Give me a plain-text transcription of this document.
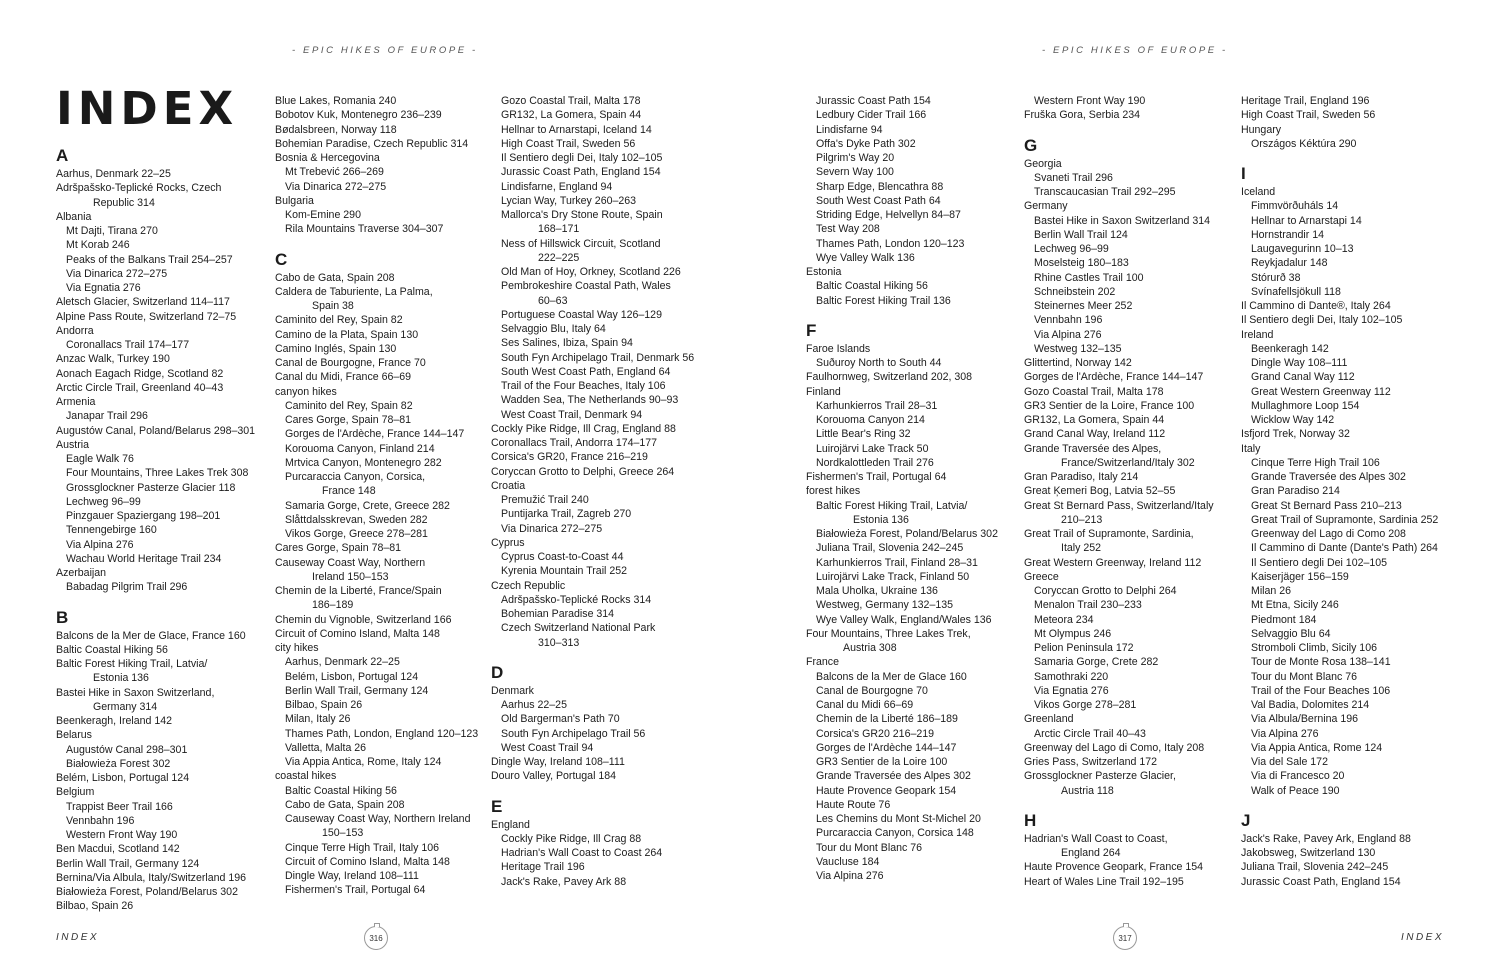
- EPIC HIKES OF EUROPE -
INDEX
A
Aarhus, Denmark 22–25
Adršpašsko-Teplické Rocks, Czech
Republic 314
Albania
Mt Dajti, Tirana 270
Mt Korab 246
Peaks of the Balkans Trail 254–257
Via Dinarica 272–275
Via Egnatia 276
Aletsch Glacier, Switzerland 114–117
Alpine Pass Route, Switzerland 72–75
Andorra
Coronallacs Trail 174–177
Anzac Walk, Turkey 190
Aonach Eagach Ridge, Scotland 82
Arctic Circle Trail, Greenland 40–43
Armenia
Janapar Trail 296
Augustów Canal, Poland/Belarus 298–301
Austria
Eagle Walk 76
Four Mountains, Three Lakes Trek 308
Grossglockner Pasterze Glacier 118
Lechweg 96–99
Pinzgauer Spaziergang 198–201
Tennengebirge 160
Via Alpina 276
Wachau World Heritage Trail 234
Azerbaijan
Babadag Pilgrim Trail 296
B
Balcons de la Mer de Glace, France 160
Baltic Coastal Hiking 56
Baltic Forest Hiking Trail, Latvia/
Estonia 136
Bastei Hike in Saxon Switzerland,
Germany 314
Beenkeragh, Ireland 142
Belarus
Augustów Canal 298–301
Białowieża Forest 302
Belém, Lisbon, Portugal 124
Belgium
Trappist Beer Trail 166
Vennbahn 196
Western Front Way 190
Ben Macdui, Scotland 142
Berlin Wall Trail, Germany 124
Bernina/Via Albula, Italy/Switzerland 196
Białowieża Forest, Poland/Belarus 302
Bilbao, Spain 26
Blue Lakes, Romania 240
Bobotov Kuk, Montenegro 236–239
Bødalsbreen, Norway 118
Bohemian Paradise, Czech Republic 314
Bosnia & Hercegovina
Mt Trebević 266–269
Via Dinarica 272–275
Bulgaria
Kom-Emine 290
Rila Mountains Traverse 304–307
C
Cabo de Gata, Spain 208
Caldera de Taburiente, La Palma,
Spain 38
Caminito del Rey, Spain 82
Camino de la Plata, Spain 130
Camino Inglés, Spain 130
Canal de Bourgogne, France 70
Canal du Midi, France 66–69
canyon hikes
Caminito del Rey, Spain 82
Cares Gorge, Spain 78–81
Gorges de l'Ardèche, France 144–147
Korouoma Canyon, Finland 214
Mrtvica Canyon, Montenegro 282
Purcaraccia Canyon, Corsica,
France 148
Samaria Gorge, Crete, Greece 282
Slåttdalsskrevan, Sweden 282
Vikos Gorge, Greece 278–281
Cares Gorge, Spain 78–81
Causeway Coast Way, Northern
Ireland 150–153
Chemin de la Liberté, France/Spain
186–189
Chemin du Vignoble, Switzerland 166
Circuit of Comino Island, Malta 148
city hikes
Aarhus, Denmark 22–25
Belém, Lisbon, Portugal 124
Berlin Wall Trail, Germany 124
Bilbao, Spain 26
Milan, Italy 26
Thames Path, London, England 120–123
Valletta, Malta 26
Via Appia Antica, Rome, Italy 124
coastal hikes
Baltic Coastal Hiking 56
Cabo de Gata, Spain 208
Causeway Coast Way, Northern Ireland
150–153
Cinque Terre High Trail, Italy 106
Circuit of Comino Island, Malta 148
Dingle Way, Ireland 108–111
Fishermen's Trail, Portugal 64
Gozo Coastal Trail, Malta 178
GR132, La Gomera, Spain 44
Hellnar to Arnarstapi, Iceland 14
High Coast Trail, Sweden 56
Il Sentiero degli Dei, Italy 102–105
Jurassic Coast Path, England 154
Lindisfarne, England 94
Lycian Way, Turkey 260–263
Mallorca's Dry Stone Route, Spain
168–171
Ness of Hillswick Circuit, Scotland
222–225
Old Man of Hoy, Orkney, Scotland 226
Pembrokeshire Coastal Path, Wales
60–63
Portuguese Coastal Way 126–129
Selvaggio Blu, Italy 64
Ses Salines, Ibiza, Spain 94
South Fyn Archipelago Trail, Denmark 56
South West Coast Path, England 64
Trail of the Four Beaches, Italy 106
Wadden Sea, The Netherlands 90–93
West Coast Trail, Denmark 94
Cockly Pike Ridge, Ill Crag, England 88
Coronallacs Trail, Andorra 174–177
Corsica's GR20, France 216–219
Coryccan Grotto to Delphi, Greece 264
Croatia
Premužić Trail 240
Puntijarka Trail, Zagreb 270
Via Dinarica 272–275
Cyprus
Cyprus Coast-to-Coast 44
Kyrenia Mountain Trail 252
Czech Republic
Adršpašsko-Teplické Rocks 314
Bohemian Paradise 314
Czech Switzerland National Park
310–313
D
Denmark
Aarhus 22–25
Old Bargerman's Path 70
South Fyn Archipelago Trail 56
West Coast Trail 94
Dingle Way, Ireland 108–111
Douro Valley, Portugal 184
E
England
Cockly Pike Ridge, Ill Crag 88
Hadrian's Wall Coast to Coast 264
Heritage Trail 196
Jack's Rake, Pavey Ark 88
INDEX	316
- EPIC HIKES OF EUROPE -
Jurassic Coast Path 154
Ledbury Cider Trail 166
Lindisfarne 94
Offa's Dyke Path 302
Pilgrim's Way 20
Severn Way 100
Sharp Edge, Blencathra 88
South West Coast Path 64
Striding Edge, Helvellyn 84–87
Test Way 208
Thames Path, London 120–123
Wye Valley Walk 136
Estonia
Baltic Coastal Hiking 56
Baltic Forest Hiking Trail 136
F
Faroe Islands
Suðuroy North to South 44
Faulhornweg, Switzerland 202, 308
Finland
Karhunkierros Trail 28–31
Korouoma Canyon 214
Little Bear's Ring 32
Luirojärvi Lake Track 50
Nordkalottleden Trail 276
Fishermen's Trail, Portugal 64
forest hikes
Baltic Forest Hiking Trail, Latvia/
Estonia 136
Białowieża Forest, Poland/Belarus 302
Juliana Trail, Slovenia 242–245
Karhunkierros Trail, Finland 28–31
Luirojärvi Lake Track, Finland 50
Mala Uholka, Ukraine 136
Westweg, Germany 132–135
Wye Valley Walk, England/Wales 136
Four Mountains, Three Lakes Trek,
Austria 308
France
Balcons de la Mer de Glace 160
Canal de Bourgogne 70
Canal du Midi 66–69
Chemin de la Liberté 186–189
Corsica's GR20 216–219
Gorges de l'Ardèche 144–147
GR3 Sentier de la Loire 100
Grande Traversée des Alpes 302
Haute Provence Geopark 154
Haute Route 76
Les Chemins du Mont St-Michel 20
Purcaraccia Canyon, Corsica 148
Tour du Mont Blanc 76
Vaucluse 184
Via Alpina 276
Western Front Way 190
Fruška Gora, Serbia 234
G
Georgia
Svaneti Trail 296
Transcaucasian Trail 292–295
Germany
Bastei Hike in Saxon Switzerland 314
Berlin Wall Trail 124
Lechweg 96–99
Moselsteig 180–183
Rhine Castles Trail 100
Schneibstein 202
Steinernes Meer 252
Vennbahn 196
Via Alpina 276
Westweg 132–135
Glittertind, Norway 142
Gorges de l'Ardèche, France 144–147
Gozo Coastal Trail, Malta 178
GR3 Sentier de la Loire, France 100
GR132, La Gomera, Spain 44
Grand Canal Way, Ireland 112
Grande Traversée des Alpes,
France/Switzerland/Italy 302
Gran Paradiso, Italy 214
Great Ķemeri Bog, Latvia 52–55
Great St Bernard Pass, Switzerland/Italy
210–213
Great Trail of Supramonte, Sardinia,
Italy 252
Great Western Greenway, Ireland 112
Greece
Coryccan Grotto to Delphi 264
Menalon Trail 230–233
Meteora 234
Mt Olympus 246
Pelion Peninsula 172
Samaria Gorge, Crete 282
Samothraki 220
Via Egnatia 276
Vikos Gorge 278–281
Greenland
Arctic Circle Trail 40–43
Greenway del Lago di Como, Italy 208
Gries Pass, Switzerland 172
Grossglockner Pasterze Glacier,
Austria 118
H
Hadrian's Wall Coast to Coast,
England 264
Haute Provence Geopark, France 154
Heart of Wales Line Trail 192–195
Heritage Trail, England 196
High Coast Trail, Sweden 56
Hungary
Országos Kéktúra 290
I
Iceland
Fimmvörðuháls 14
Hellnar to Arnarstapi 14
Hornstrandir 14
Laugavegurinn 10–13
Reykjadalur 148
Stórurð 38
Svínafellsjökull 118
Il Cammino di Dante®, Italy 264
Il Sentiero degli Dei, Italy 102–105
Ireland
Beenkeragh 142
Dingle Way 108–111
Grand Canal Way 112
Great Western Greenway 112
Mullaghmore Loop 154
Wicklow Way 142
Isfjord Trek, Norway 32
Italy
Cinque Terre High Trail 106
Grande Traversée des Alpes 302
Gran Paradiso 214
Great St Bernard Pass 210–213
Great Trail of Supramonte, Sardinia 252
Greenway del Lago di Como 208
Il Cammino di Dante (Dante's Path) 264
Il Sentiero degli Dei 102–105
Kaiserjäger 156–159
Milan 26
Mt Etna, Sicily 246
Piedmont 184
Selvaggio Blu 64
Stromboli Climb, Sicily 106
Tour de Monte Rosa 138–141
Tour du Mont Blanc 76
Trail of the Four Beaches 106
Val Badia, Dolomites 214
Via Albula/Bernina 196
Via Alpina 276
Via Appia Antica, Rome 124
Via del Sale 172
Via di Francesco 20
Walk of Peace 190
J
Jack's Rake, Pavey Ark, England 88
Jakobsweg, Switzerland 130
Juliana Trail, Slovenia 242–245
Jurassic Coast Path, England 154
INDEX
317
